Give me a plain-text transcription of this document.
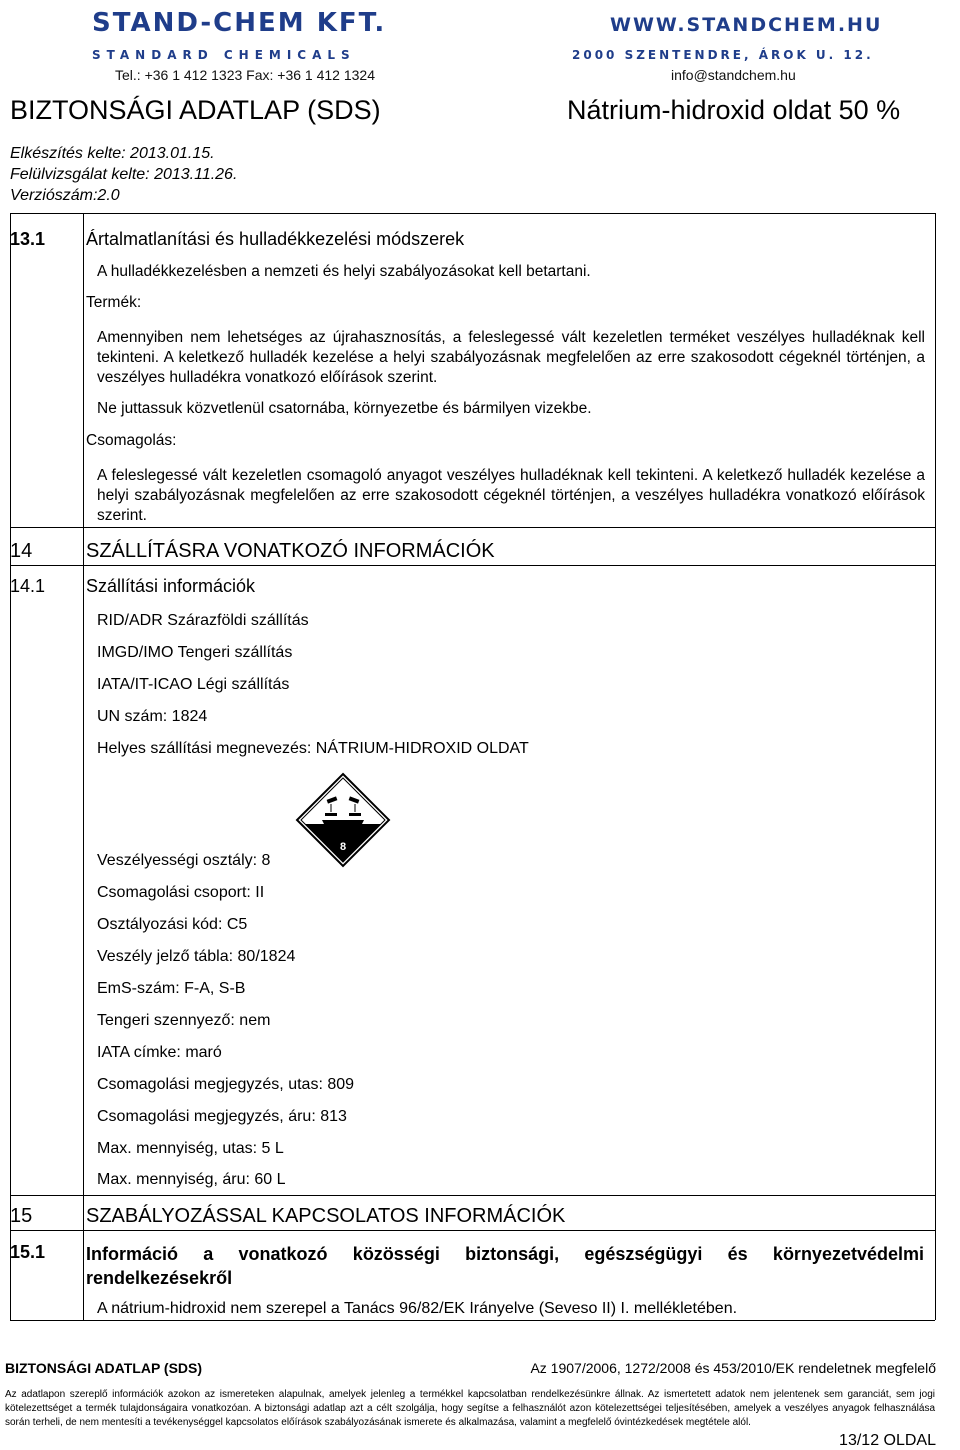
STAND-CHEM KFT.	WWW.STANDCHEM.HU
STANDARD CHEMICALS	2000 SZENTENDRE, ÁROK U. 12.
Tel.: +36 1 412 1323 Fax: +36 1 412 1324	info@standchem.hu
BIZTONSÁGI ADATLAP (SDS)	Nátrium-hidroxid oldat 50 %
Elkészítés kelte: 2013.01.15.
Felülvizsgálat kelte: 2013.11.26.
Verziószám:2.0
13.1 Ártalmatlanítási és hulladékkezelési módszerek
A hulladékkezelésben a nemzeti és helyi szabályozásokat kell betartani.
Termék:
Amennyiben nem lehetséges az újrahasznosítás, a feleslegessé vált kezeletlen terméket veszélyes hulladéknak kell tekinteni. A keletkező hulladék kezelése a helyi szabályozásnak megfelelően az erre szakosodott cégeknél történjen, a veszélyes hulladékra vonatkozó előírások szerint.
Ne juttassuk közvetlenül csatornába, környezetbe és bármilyen vizekbe.
Csomagolás:
A feleslegessé vált kezeletlen csomagoló anyagot veszélyes hulladéknak kell tekinteni. A keletkező hulladék kezelése a helyi szabályozásnak megfelelően az erre szakosodott cégeknél történjen, a veszélyes hulladékra vonatkozó előírások szerint.
14	SZÁLLÍTÁSRA VONATKOZÓ INFORMÁCIÓK
14.1 Szállítási információk
RID/ADR Szárazföldi szállítás
IMGD/IMO Tengeri szállítás
IATA/IT-ICAO Légi szállítás
UN szám: 1824
Helyes szállítási megnevezés: NÁTRIUM-HIDROXID OLDAT
8
Veszélyességi osztály: 8
Csomagolási csoport: II
Osztályozási kód: C5
Veszély jelző tábla: 80/1824
EmS-szám: F-A, S-B
Tengeri szennyező: nem
IATA címke: maró
Csomagolási megjegyzés, utas: 809
Csomagolási megjegyzés, áru: 813
Max. mennyiség, utas: 5 L
Max. mennyiség, áru: 60 L
15	SZABÁLYOZÁSSAL KAPCSOLATOS INFORMÁCIÓK
15.1 Információ a vonatkozó közösségi biztonsági, egészségügyi és környezetvédelmi rendelkezésekről
A nátrium-hidroxid nem szerepel a Tanács 96/82/EK Irányelve (Seveso II) I. mellékletében.
BIZTONSÁGI ADATLAP (SDS)	Az 1907/2006, 1272/2008 és 453/2010/EK rendeletnek megfelelő
Az adatlapon szereplő információk azokon az ismereteken alapulnak, amelyek jelenleg a termékkel kapcsolatban rendelkezésünkre állnak. Az ismertetett adatok nem jelentenek sem garanciát, sem jogi kötelezettséget a termék tulajdonságaira vonatkozóan. A biztonsági adatlap azt a célt szolgálja, hogy segítse a felhasználót azon kötelezettségei teljesítésében, amelyek a veszélyes anyagok felhasználása során terheli, de nem mentesíti a tevékenységgel kapcsolatos előírások szabályozásának ismerete és alkalmazása, valamint a megfelelő óvintézkedések megtétele alól.
13/12 OLDAL
